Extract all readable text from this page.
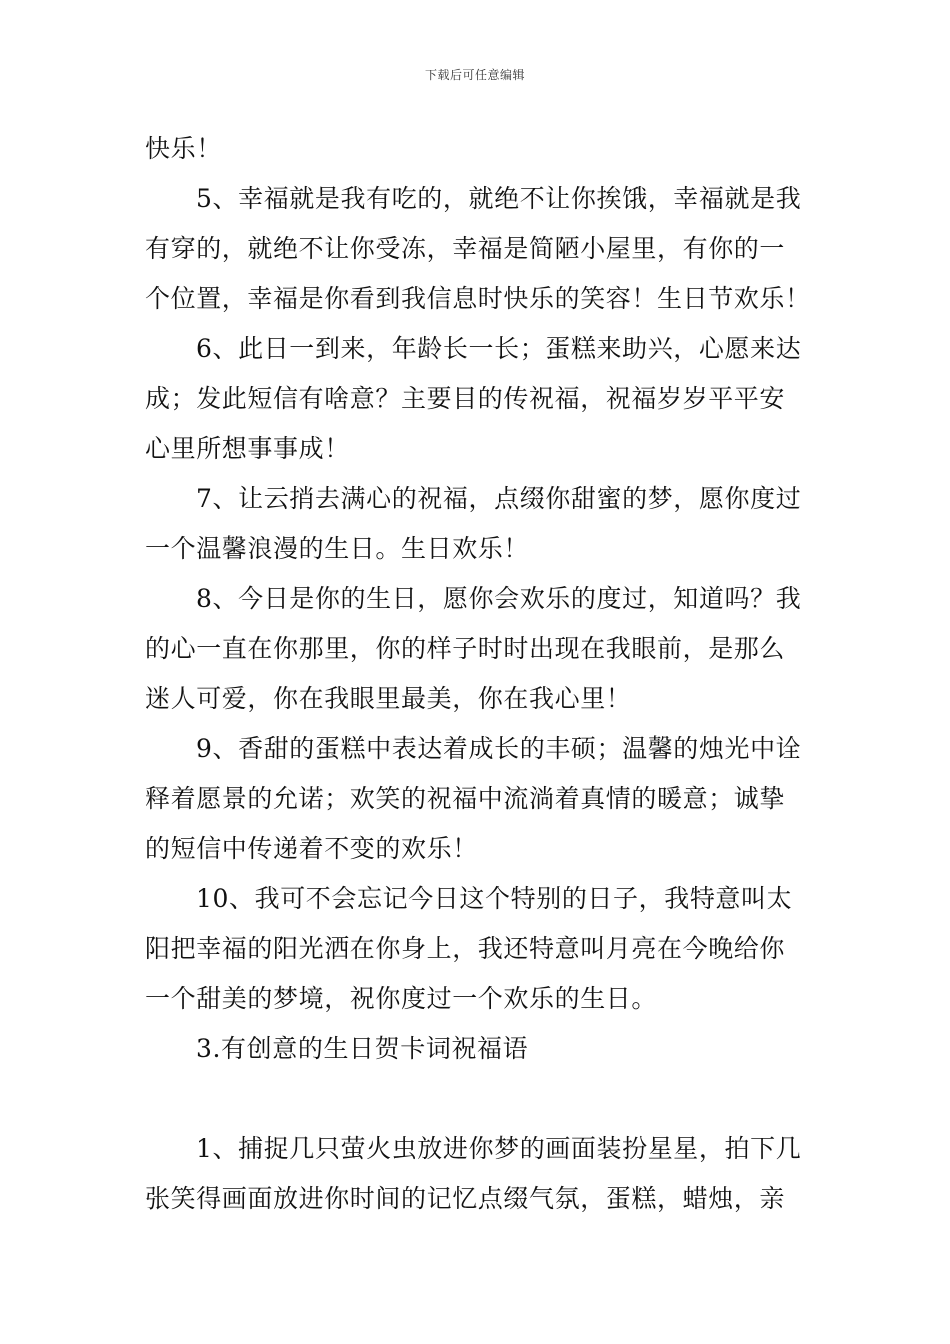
下载后可任意编辑
快乐！
5、幸福就是我有吃的，就绝不让你挨饿，幸福就是我
有穿的，就绝不让你受冻，幸福是简陋小屋里，有你的一
个位置，幸福是你看到我信息时快乐的笑容！生日节欢乐！
6、此日一到来，年龄长一长；蛋糕来助兴，心愿来达
成；发此短信有啥意？主要目的传祝福，祝福岁岁平平安
心里所想事事成！
7、让云捎去满心的祝福，点缀你甜蜜的梦，愿你度过
一个温馨浪漫的生日。生日欢乐！
8、今日是你的生日，愿你会欢乐的度过，知道吗？我
的心一直在你那里，你的样子时时出现在我眼前，是那么
迷人可爱，你在我眼里最美，你在我心里！
9、香甜的蛋糕中表达着成长的丰硕；温馨的烛光中诠
释着愿景的允诺；欢笑的祝福中流淌着真情的暖意；诚挚
的短信中传递着不变的欢乐！
10、我可不会忘记今日这个特别的日子，我特意叫太
阳把幸福的阳光洒在你身上，我还特意叫月亮在今晚给你
一个甜美的梦境，祝你度过一个欢乐的生日。
3.有创意的生日贺卡词祝福语
1、捕捉几只萤火虫放进你梦的画面装扮星星，拍下几
张笑得画面放进你时间的记忆点缀气氛，蛋糕，蜡烛，亲
